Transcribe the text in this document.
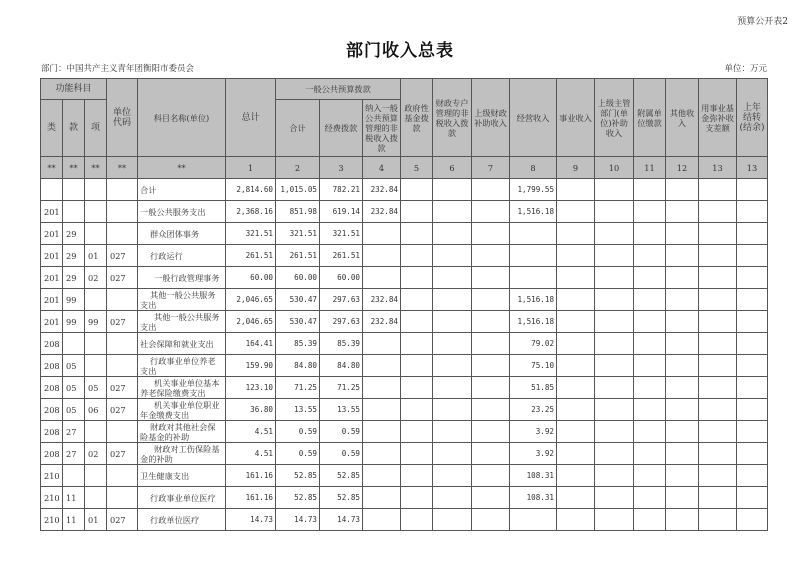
预算公开表2
部门收入总表
部门：中国共产主义青年团衡阳市委员会	单位：万元
功能科目			单位代码	科目名称(单位)	总计	一般公共预算拨款			政府性基金拨款	财政专户管理的非税收入拨款	上级财政补助收入	经营收入	事业收入	上级主管部门(单位)补助收入	附属单位缴款	其他收入	用事业基金弥补收支差额	上年结转(结余)
类	款	项				合计	经费拨款	纳入一般公共预算管理的非税收入拨款										
**	**	**	**	**	1	2	3	4	5	6	7	8	9	10	11	12	13	13
				合计	2,814.60	1,015.05	782.21	232.84				1,799.55						
201				一般公共服务支出	2,368.16	851.98	619.14	232.84				1,516.18						
201	29			群众团体事务	321.51	321.51	321.51											
201	29	01	027	行政运行	261.51	261.51	261.51											
201	29	02	027	一般行政管理事务	60.00	60.00	60.00											
201	99			其他一般公共服务支出	2,046.65	530.47	297.63	232.84				1,516.18						
201	99	99	027	其他一般公共服务支出	2,046.65	530.47	297.63	232.84				1,516.18						
208				社会保障和就业支出	164.41	85.39	85.39					79.02						
208	05			行政事业单位养老支出	159.90	84.80	84.80					75.10						
208	05	05	027	机关事业单位基本养老保险缴费支出	123.10	71.25	71.25					51.85						
208	05	06	027	机关事业单位职业年金缴费支出	36.80	13.55	13.55					23.25						
208	27			财政对其他社会保险基金的补助	4.51	0.59	0.59					3.92						
208	27	02	027	财政对工伤保险基金的补助	4.51	0.59	0.59					3.92						
210				卫生健康支出	161.16	52.85	52.85					108.31						
210	11			行政事业单位医疗	161.16	52.85	52.85					108.31						
210	11	01	027	行政单位医疗	14.73	14.73	14.73											
